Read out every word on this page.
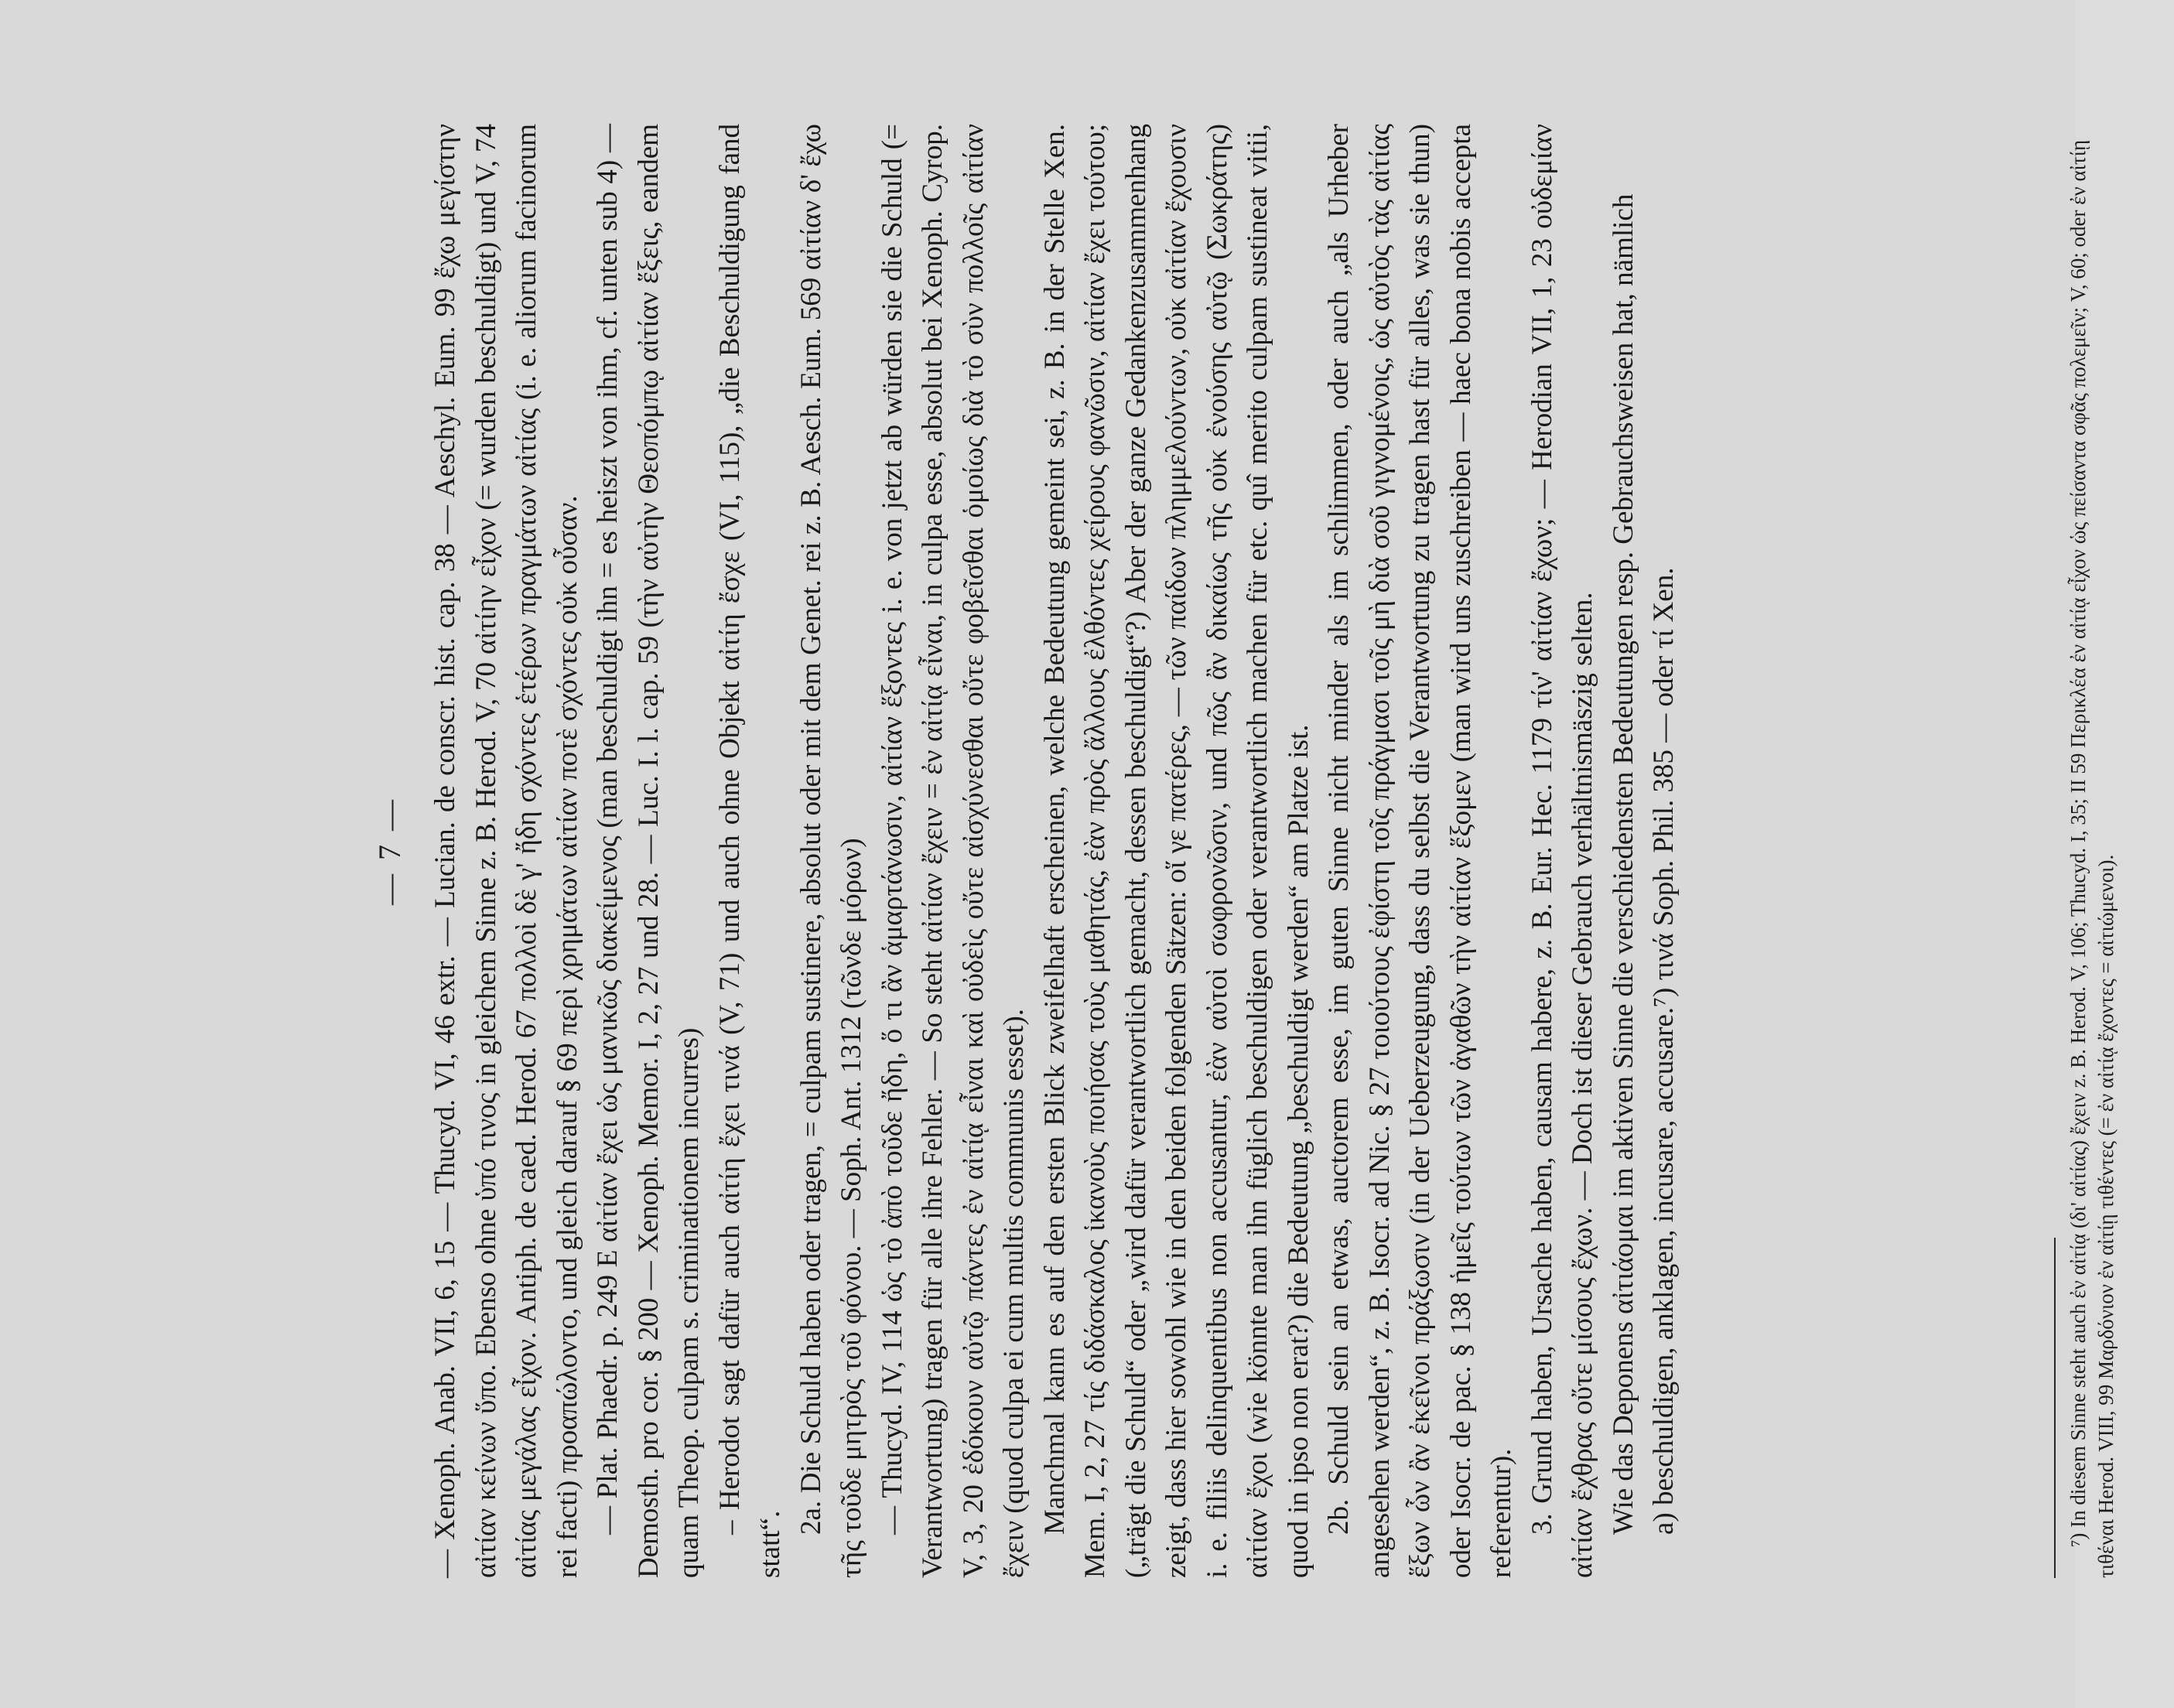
— 7 — — Xenoph. Anab. VII, 6, 15 — Thucyd. VI, 46 extr. — Lucian. de conscr. hist. cap. 38 — Aeschyl. Eum. 99 ἔχω μεγίστην αἰτίαν κείνων ὕπο. Ebenso ohne ὑπό τινος in gleichem Sinne z. B. Herod. V, 70 αἰτίην εἶχον (= wurden beschuldigt) und V, 74 αἰτίας μεγάλας εἶχον. Antiph. de caed. Herod. 67 πολλοὶ δὲ γ' ἤδη σχόντες ἑτέρων πραγμάτων αἰτίας (i. e. aliorum facinorum rei facti) προαπώλοντο, und gleich darauf § 69 περὶ χρημάτων αἰτίαν ποτὲ σχόντες οὐκ οὖσαν. — Plat. Phaedr. p. 249 E αἰτίαν ἔχει ὡς μανικῶς διακείμενος (man beschuldigt ihn = es heiszt von ihm, cf. unten sub 4) — Demosth. pro cor. § 200 — Xenoph. Memor. I, 2, 27 und 28. — Luc. I. l. cap. 59 (τὴν αὐτὴν Θεοπόμπῳ αἰτίαν ἕξεις, eandem quam Theop. culpam s. criminationem incurres) – Herodot sagt dafür auch αἰτίη ἔχει τινά (V, 71) und auch ohne Objekt αἰτίη ἔσχε (VI, 115), „die Beschuldigung fand statt“.

2a. Die Schuld haben oder tragen, = culpam sustinere, absolut oder mit dem Genet. rei z. B. Aesch. Eum. 569 αἰτίαν δ' ἔχω τῆς τοῦδε μητρὸς τοῦ φόνου. — Soph. Ant. 1312 (τῶνδε μόρων) — Thucyd. IV, 114 ὡς τὸ ἀπὸ τοῦδε ἤδη, ὅ τι ἂν ἁμαρτάνωσιν, αἰτίαν ἕξοντες i. e. von jetzt ab würden sie die Schuld (= Verantwortung) tragen für alle ihre Fehler. — So steht αἰτίαν ἔχειν = ἐν αἰτίᾳ εἶναι, in culpa esse, absolut bei Xenoph. Cyrop. V, 3, 20 ἐδόκουν αὐτῷ πάντες ἐν αἰτίᾳ εἶναι καὶ οὐδεὶς οὔτε αἰσχύνεσθαι οὔτε φοβεῖσθαι ὁμοίως διὰ τὸ σὺν πολλοῖς αἰτίαν ἔχειν (quod culpa ei cum multis communis esset). Manchmal kann es auf den ersten Blick zweifelhaft erscheinen, welche Bedeutung gemeint sei, z. B. in der Stelle Xen. Mem. I, 2, 27 τίς διδάσκαλος ἱκανοὺς ποιήσας τοὺς μαθητάς, ἐὰν πρὸς ἄλλους ἐλθόντες χείρους φανῶσιν, αἰτίαν ἔχει τούτου; („trägt die Schuld“ oder „wird dafür verantwortlich gemacht, dessen beschuldigt“?) Aber der ganze Gedankenzusammenhang zeigt, dass hier sowohl wie in den beiden folgenden Sätzen: οἵ γε πατέρες, — τῶν παίδων πλημμελούντων, οὐκ αἰτίαν ἔχουσιν i. e. filiis delinquentibus non accusantur, ἐὰν αὐτοὶ σωφρονῶσιν, und πῶς ἂν δικαίως τῆς οὐκ ἐνούσης αὐτῷ (Σωκράτης) αἰτίαν ἔχοι (wie könnte man ihn füglich beschuldigen oder verantwortlich machen für etc. quî merito culpam sustineat vitii, quod in ipso non erat?) die Bedeutung „beschuldigt werden“ am Platze ist. 2b. Schuld sein an etwas, auctorem esse, im guten Sinne nicht minder als im schlimmen, oder auch „als Urheber angesehen werden“, z. B. Isocr. ad Nic. § 27 τοιούτους ἐφίστη τοῖς πράγμασι τοῖς μὴ διὰ σοῦ γιγνομένοις, ὡς αὐτὸς τὰς αἰτίας ἕξων ὧν ἂν ἐκεῖνοι πράξωσιν (in der Ueberzeugung, dass du selbst die Verantwortung zu tragen hast für alles, was sie thun) oder Isocr. de pac. § 138 ἡμεῖς τούτων τῶν ἀγαθῶν τὴν αἰτίαν ἕξομεν (man wird uns zuschreiben — haec bona nobis accepta referentur). 3. Grund haben, Ursache haben, causam habere, z. B. Eur. Hec. 1179 τίν' αἰτίαν ἔχων; — Herodian VII, 1, 23 οὐδεμίαν αἰτίαν ἔχθρας οὔτε μίσους ἔχων. — Doch ist dieser Gebrauch verhältnismäszig selten. Wie das Deponens αἰτιάομαι im aktiven Sinne die verschiedensten Bedeutungen resp. Gebrauchsweisen hat, nämlich a) beschuldigen, anklagen, incusare, accusare.⁷) τινά Soph. Phil. 385 — oder τί Xen.	⁷) In diesem Sinne steht auch ἐν αἰτίᾳ (δι' αἰτίας) ἔχειν z. B. Herod. V, 106; Thucyd. I, 35; II 59 Περικλέα ἐν αἰτίᾳ εἶχον ὡς πείσαντα σφᾶς πολεμεῖν; V, 60; oder ἐν αἰτίῃ τιθέναι Herod. VIII, 99 Μαρδόνιον ἐν αἰτίῃ τιθέντες (= ἐν αἰτίᾳ ἔχοντες = αἰτιώμενοι).
